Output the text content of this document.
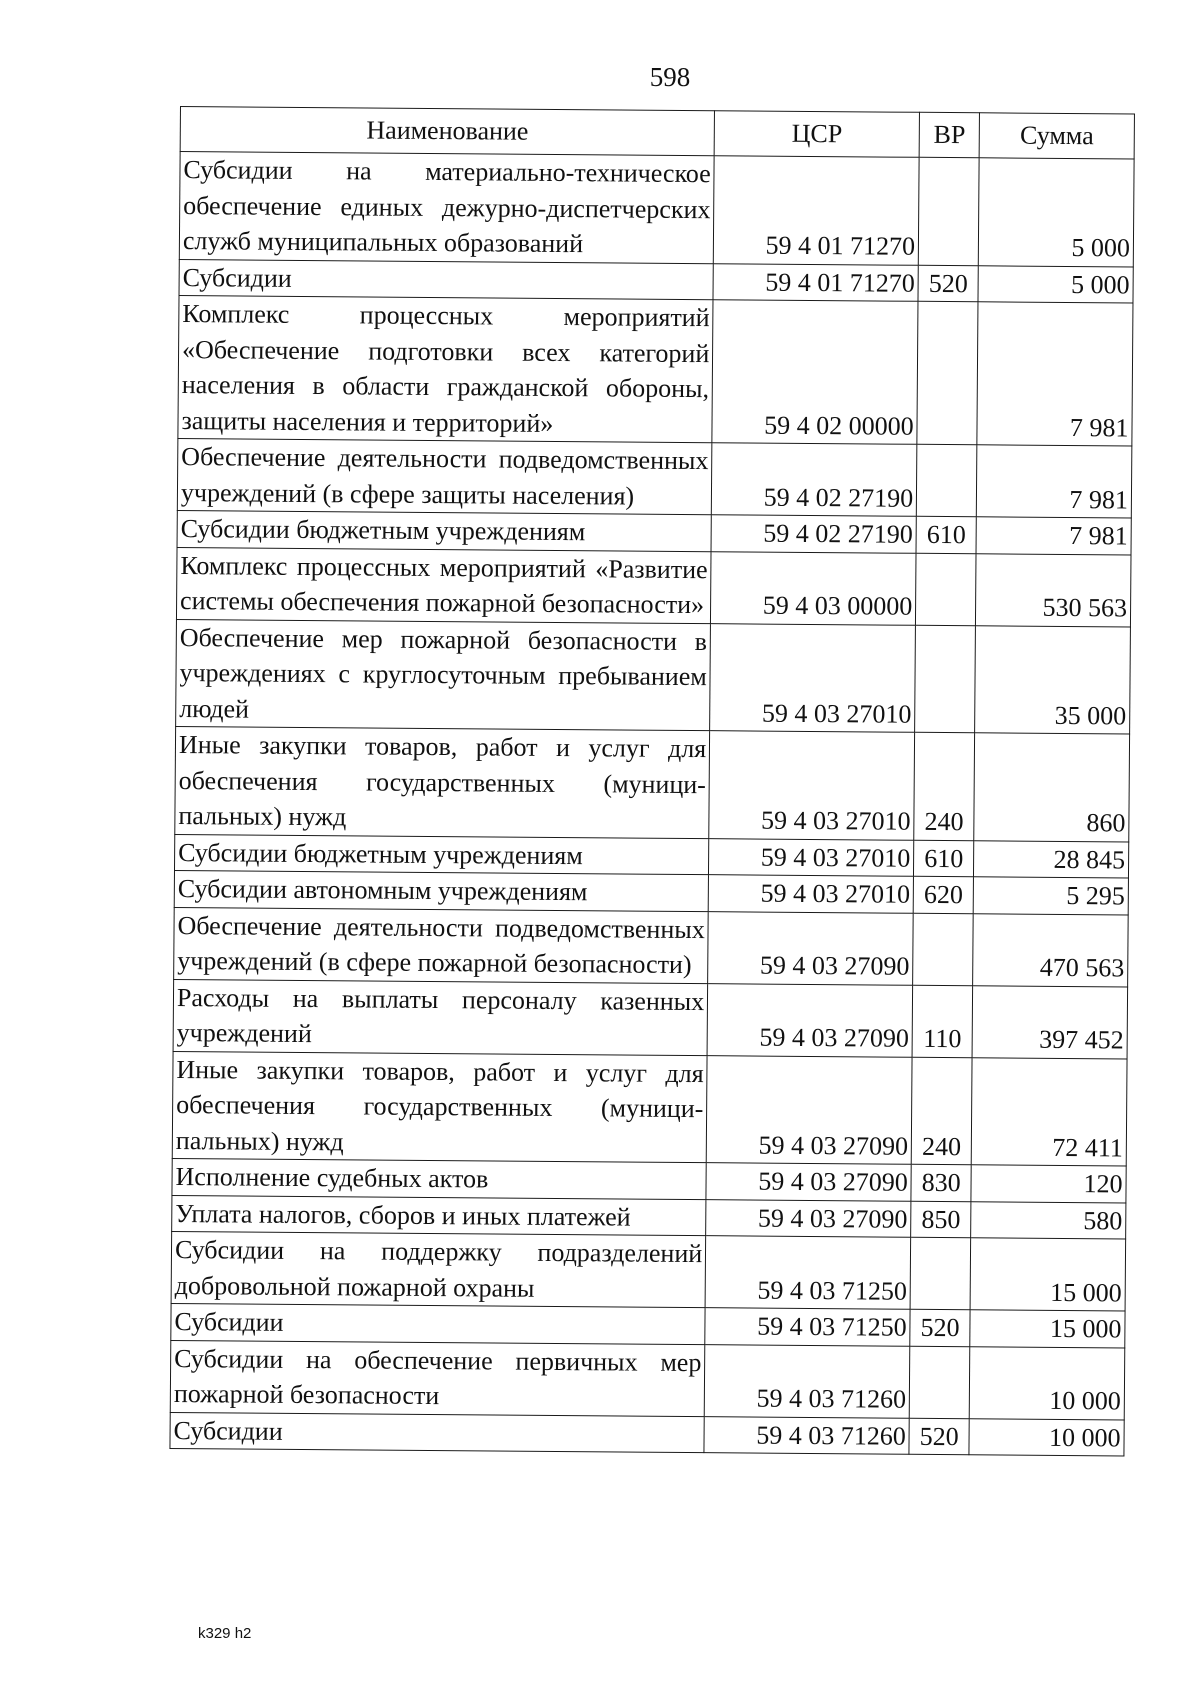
598
Наименование	ЦСР	ВР	Сумма
Субсидии на материально-техническое обеспечение единых дежурно-диспетчерских служб муниципальных образований	59 4 01 71270		5 000
Субсидии	59 4 01 71270	520	5 000
Комплекс процессных мероприятий «Обеспечение подготовки всех категорий населения в области гражданской обороны, защиты населения и территорий»	59 4 02 00000		7 981
Обеспечение деятельности подведомственных учреждений (в сфере защиты населения)	59 4 02 27190		7 981
Субсидии бюджетным учреждениям	59 4 02 27190	610	7 981
Комплекс процессных мероприятий «Развитие системы обеспечения пожарной безопасности»	59 4 03 00000		530 563
Обеспечение мер пожарной безопасности в учреждениях с круглосуточным пребыванием людей	59 4 03 27010		35 000
Иные закупки товаров, работ и услуг для обеспечения государственных (муниципальных) нужд	59 4 03 27010	240	860
Субсидии бюджетным учреждениям	59 4 03 27010	610	28 845
Субсидии автономным учреждениям	59 4 03 27010	620	5 295
Обеспечение деятельности подведомственных учреждений (в сфере пожарной безопасности)	59 4 03 27090		470 563
Расходы на выплаты персоналу казенных учреждений	59 4 03 27090	110	397 452
Иные закупки товаров, работ и услуг для обеспечения государственных (муниципальных) нужд	59 4 03 27090	240	72 411
Исполнение судебных актов	59 4 03 27090	830	120
Уплата налогов, сборов и иных платежей	59 4 03 27090	850	580
Субсидии на поддержку подразделений добровольной пожарной охраны	59 4 03 71250		15 000
Субсидии	59 4 03 71250	520	15 000
Субсидии на обеспечение первичных мер пожарной безопасности	59 4 03 71260		10 000
Субсидии	59 4 03 71260	520	10 000
k329 h2
